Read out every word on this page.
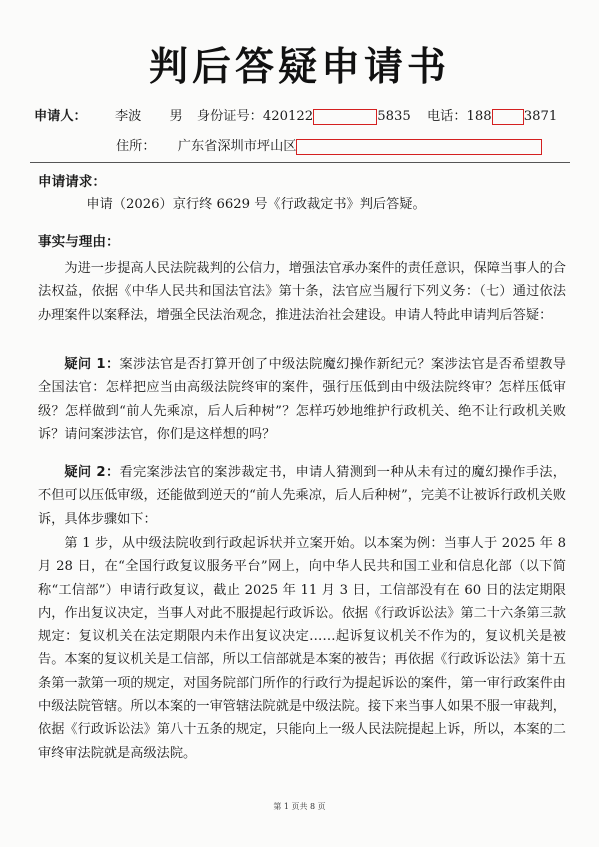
判后答疑申请书
申请人： 李波 男 身份证号：420122	5835 电话：188 3871
住所： 广东省深圳市坪山区
申请请求：
申请（2026）京行终 6629 号《行政裁定书》判后答疑。
事实与理由：
为进一步提高人民法院裁判的公信力，增强法官承办案件的责任意识，保障当事人的合法权益，依据《中华人民共和国法官法》第十条，法官应当履行下列义务：（七）通过依法办理案件以案释法，增强全民法治观念，推进法治社会建设。申请人特此申请判后答疑：
疑问 1：案涉法官是否打算开创了中级法院魔幻操作新纪元？案涉法官是否希望教导全国法官：怎样把应当由高级法院终审的案件，强行压低到由中级法院终审？怎样压低审级？怎样做到“前人先乘凉，后人后种树”？怎样巧妙地维护行政机关、绝不让行政机关败诉？请问案涉法官，你们是这样想的吗？
疑问 2：看完案涉法官的案涉裁定书，申请人猜测到一种从未有过的魔幻操作手法，不但可以压低审级，还能做到逆天的“前人先乘凉，后人后种树”，完美不让被诉行政机关败诉，具体步骤如下：
第 1 步，从中级法院收到行政起诉状并立案开始。以本案为例：当事人于 2025 年 8 月 28 日，在“全国行政复议服务平台”网上，向中华人民共和国工业和信息化部（以下简称“工信部”）申请行政复议，截止 2025 年 11 月 3 日，工信部没有在 60 日的法定期限内，作出复议决定，当事人对此不服提起行政诉讼。依据《行政诉讼法》第二十六条第三款规定：复议机关在法定期限内未作出复议决定……起诉复议机关不作为的，复议机关是被告。本案的复议机关是工信部，所以工信部就是本案的被告；再依据《行政诉讼法》第十五条第一款第一项的规定，对国务院部门所作的行政行为提起诉讼的案件，第一审行政案件由中级法院管辖。所以本案的一审管辖法院就是中级法院。接下来当事人如果不服一审裁判，依据《行政诉讼法》第八十五条的规定，只能向上一级人民法院提起上诉，所以，本案的二审终审法院就是高级法院。
第 1 页共 8 页
